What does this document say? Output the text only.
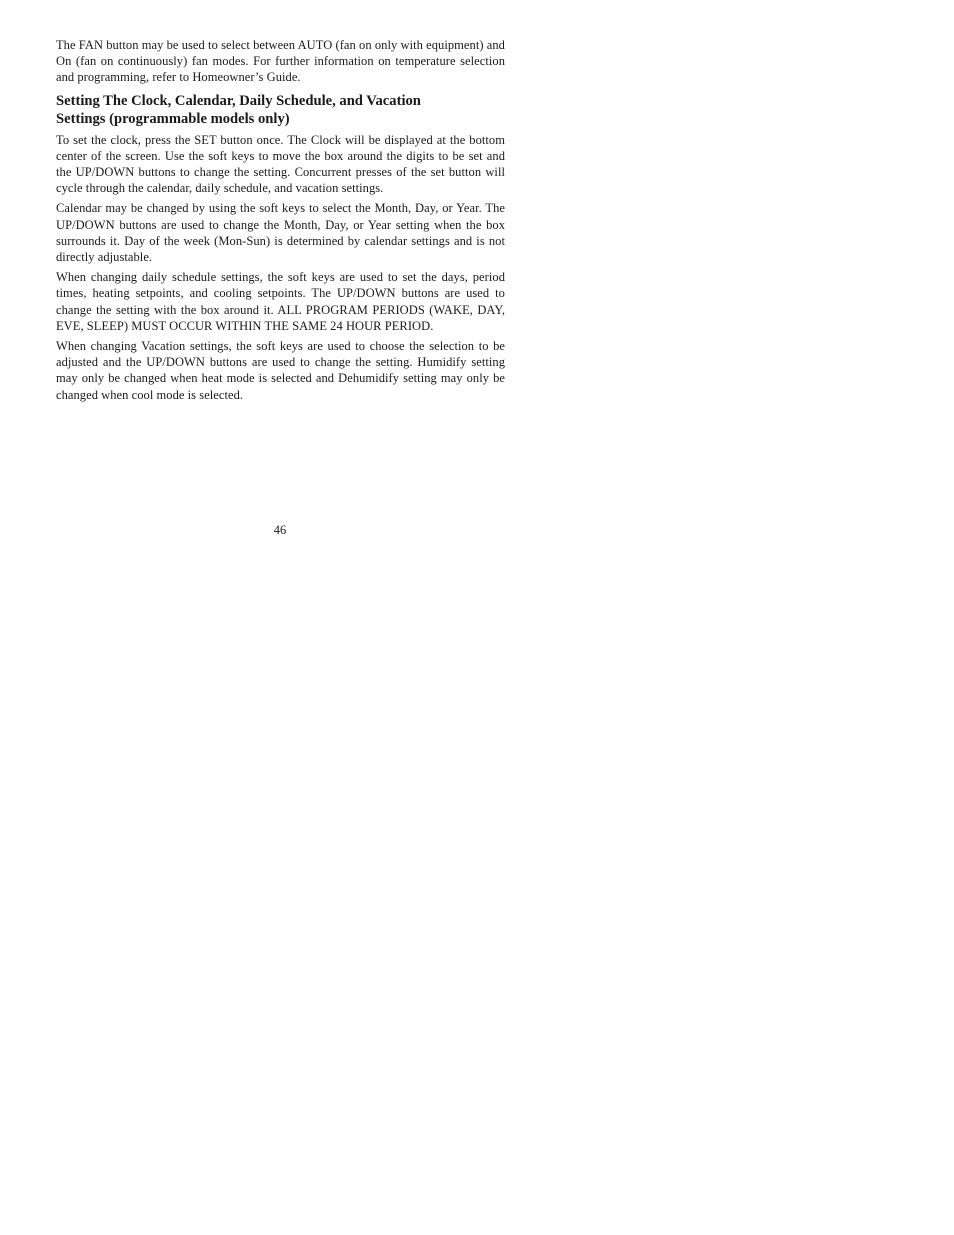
The FAN button may be used to select between AUTO (fan on only with equipment) and On (fan on continuously) fan modes. For further information on temperature selection and programming, refer to Homeowner’s Guide.

Setting The Clock, Calendar, Daily Schedule, and Vacation
Settings (programmable models only)

To set the clock, press the SET button once. The Clock will be displayed at the bottom center of the screen. Use the soft keys to move the box around the digits to be set and the UP/DOWN buttons to change the setting. Concurrent presses of the set button will cycle through the calendar, daily schedule, and vacation settings.

Calendar may be changed by using the soft keys to select the Month, Day, or Year. The UP/DOWN buttons are used to change the Month, Day, or Year setting when the box surrounds it. Day of the week (Mon-Sun) is determined by calendar settings and is not directly adjustable.

When changing daily schedule settings, the soft keys are used to set the days, period times, heating setpoints, and cooling setpoints. The UP/DOWN buttons are used to change the setting with the box around it. ALL PROGRAM PERIODS (WAKE, DAY, EVE, SLEEP) MUST OCCUR WITHIN THE SAME 24 HOUR PERIOD.

When changing Vacation settings, the soft keys are used to choose the selection to be adjusted and the UP/DOWN buttons are used to change the setting. Humidify setting may only be changed when heat mode is selected and Dehumidify setting may only be changed when cool mode is selected.

46
